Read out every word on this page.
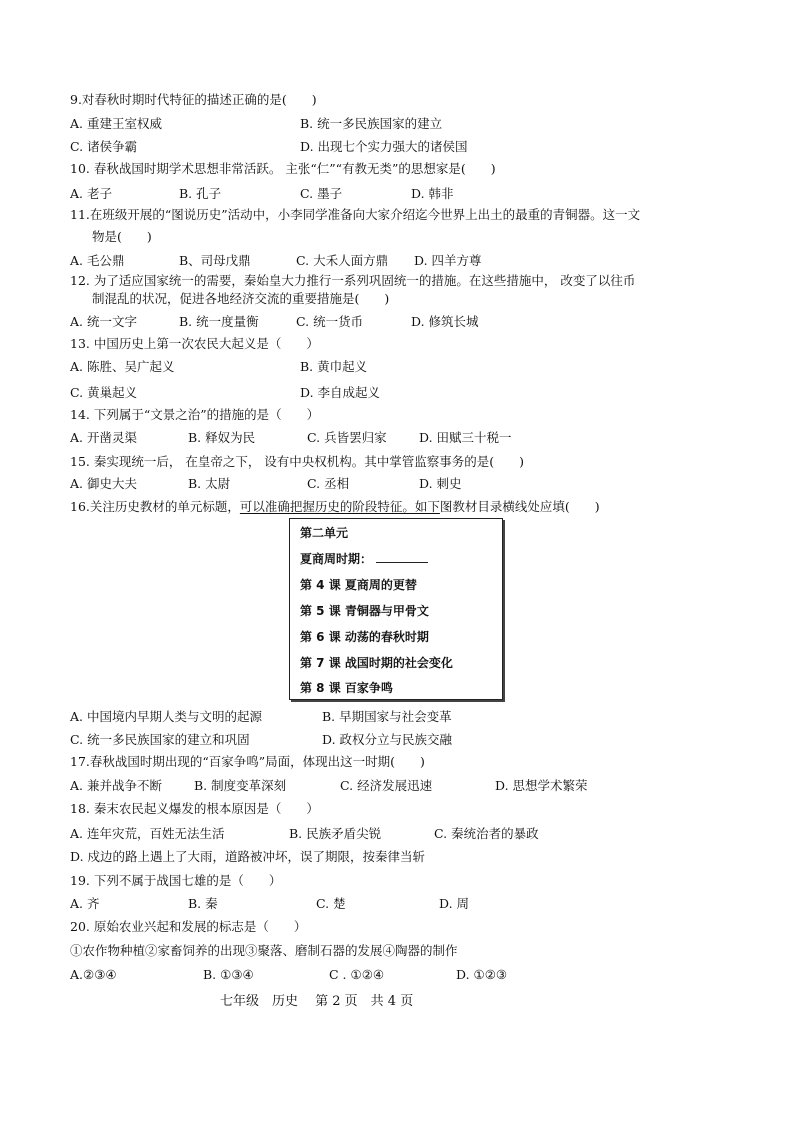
9.对春秋时期时代特征的描述正确的是(　　)
A. 重建王室权威	B. 统一多民族国家的建立
C. 诸侯争霸	D. 出现七个实力强大的诸侯国
10. 春秋战国时期学术思想非常活跃。 主张“仁”“有教无类”的思想家是(　　)
A. 老子	B. 孔子	C. 墨子	D. 韩非
11.在班级开展的“图说历史”活动中，小李同学准备向大家介绍迄今世界上出土的最重的青铜器。这一文
物是(　　)
A. 毛公鼎	B、司母戊鼎	C. 大禾人面方鼎 D. 四羊方尊
12. 为了适应国家统一的需要，秦始皇大力推行一系列巩固统一的措施。在这些措施中， 改变了以往币
制混乱的状况，促进各地经济交流的重要措施是(　　)
A. 统一文字	B. 统一度量衡	C. 统一货币	D. 修筑长城
13. 中国历史上第一次农民大起义是（　　）
A. 陈胜、吴广起义	B. 黄巾起义
C. 黄巢起义	D. 李自成起义
14. 下列属于“文景之治”的措施的是（　　）
A. 开凿灵渠	B. 释奴为民	C. 兵皆罢归家	D. 田赋三十税一
15. 秦实现统一后， 在皇帝之下， 设有中央权机构。其中掌管监察事务的是(　　)
A. 御史大夫	B. 太尉	C. 丞相	D. 刺史
16.关注历史教材的单元标题，可以准确把握历史的阶段特征。如下图教材目录横线处应填(　　)
第二单元
夏商周时期：
第 4 课 夏商周的更替
第 5 课 青铜器与甲骨文
第 6 课 动荡的春秋时期
第 7 课 战国时期的社会变化
第 8 课 百家争鸣
A. 中国境内早期人类与文明的起源	B. 早期国家与社会变革
C. 统一多民族国家的建立和巩固	D. 政权分立与民族交融
17.春秋战国时期出现的“百家争鸣”局面，体现出这一时期(　　)
A. 兼并战争不断	B. 制度变革深刻	C. 经济发展迅速	D. 思想学术繁荣
18. 秦末农民起义爆发的根本原因是（　　）
A. 连年灾荒，百姓无法生活	B. 民族矛盾尖锐	C. 秦统治者的暴政
D. 戍边的路上遇上了大雨，道路被冲坏，误了期限，按秦律当斩
19. 下列不属于战国七雄的是（　　）
A. 齐	B. 秦	C. 楚	D. 周
20. 原始农业兴起和发展的标志是（　　）
①农作物种植②家畜饲养的出现③聚落、磨制石器的发展④陶器的制作
A.②③④	B. ①③④	C . ①②④	D. ①②③
七年级　历史　 第 2 页　共 4 页
